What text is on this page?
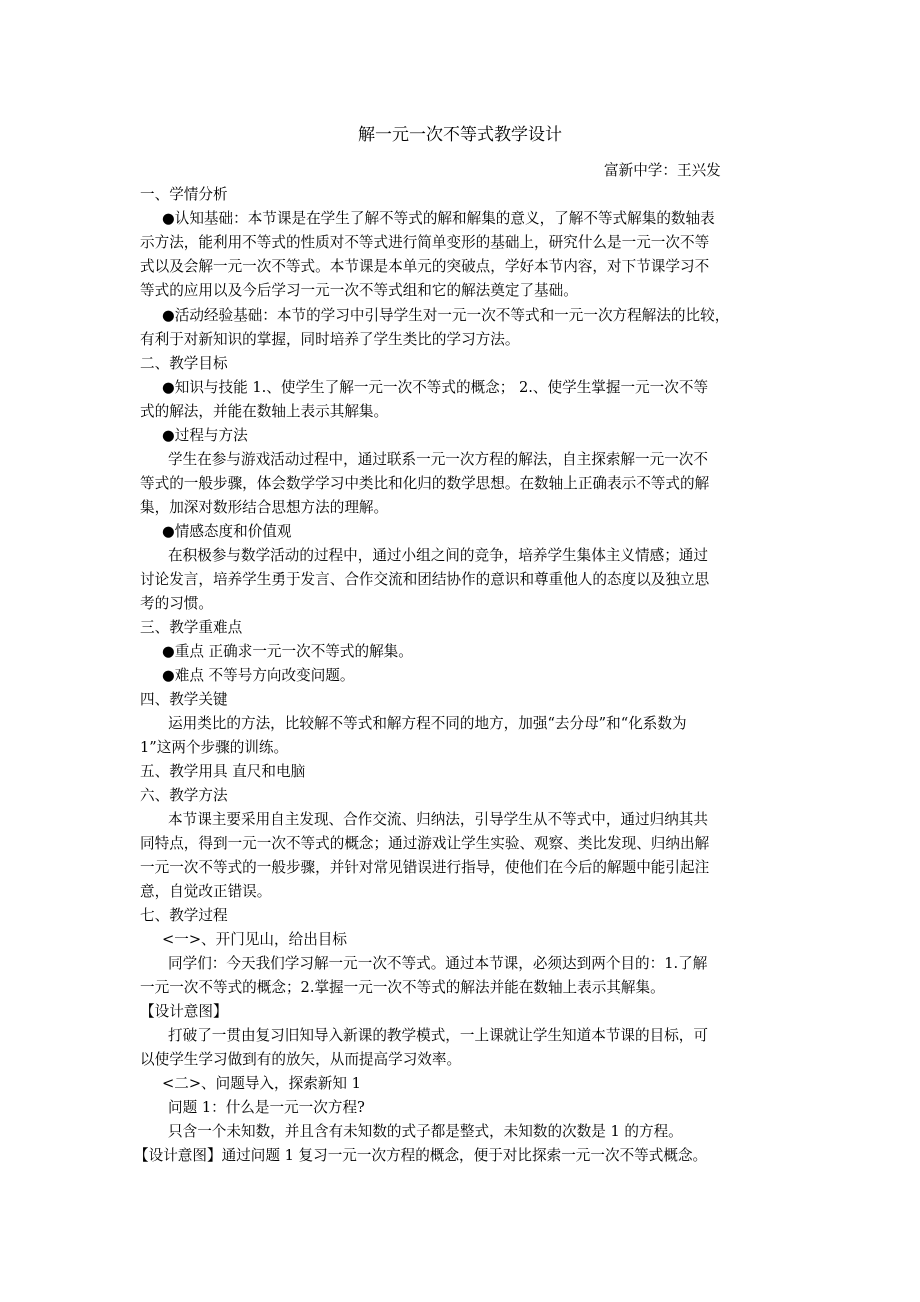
解一元一次不等式教学设计
富新中学：王兴发
一、学情分析
●认知基础：本节课是在学生了解不等式的解和解集的意义，了解不等式解集的数轴表
示方法，能利用不等式的性质对不等式进行简单变形的基础上，研究什么是一元一次不等
式以及会解一元一次不等式。本节课是本单元的突破点，学好本节内容，对下节课学习不
等式的应用以及今后学习一元一次不等式组和它的解法奠定了基础。
●活动经验基础：本节的学习中引导学生对一元一次不等式和一元一次方程解法的比较，
有利于对新知识的掌握，同时培养了学生类比的学习方法。
二、教学目标
●知识与技能 1.、使学生了解一元一次不等式的概念； 2.、使学生掌握一元一次不等
式的解法，并能在数轴上表示其解集。
●过程与方法
学生在参与游戏活动过程中，通过联系一元一次方程的解法，自主探索解一元一次不
等式的一般步骤，体会数学学习中类比和化归的数学思想。在数轴上正确表示不等式的解
集，加深对数形结合思想方法的理解。
●情感态度和价值观
在积极参与数学活动的过程中，通过小组之间的竞争，培养学生集体主义情感；通过
讨论发言，培养学生勇于发言、合作交流和团结协作的意识和尊重他人的态度以及独立思
考的习惯。
三、教学重难点
●重点 正确求一元一次不等式的解集。
●难点 不等号方向改变问题。
四、教学关键
运用类比的方法，比较解不等式和解方程不同的地方，加强“去分母”和“化系数为
1”这两个步骤的训练。
五、教学用具 直尺和电脑
六、教学方法
本节课主要采用自主发现、合作交流、归纳法，引导学生从不等式中，通过归纳其共
同特点，得到一元一次不等式的概念；通过游戏让学生实验、观察、类比发现、归纳出解
一元一次不等式的一般步骤，并针对常见错误进行指导，使他们在今后的解题中能引起注
意，自觉改正错误。
七、教学过程
<一>、开门见山，给出目标
同学们：今天我们学习解一元一次不等式。通过本节课，必须达到两个目的：1.了解
一元一次不等式的概念；2.掌握一元一次不等式的解法并能在数轴上表示其解集。
【设计意图】
打破了一贯由复习旧知导入新课的教学模式，一上课就让学生知道本节课的目标，可
以使学生学习做到有的放矢，从而提高学习效率。
<二>、问题导入，探索新知 1
问题 1：什么是一元一次方程?
只含一个未知数，并且含有未知数的式子都是整式，未知数的次数是 1 的方程。
【设计意图】通过问题 1 复习一元一次方程的概念，便于对比探索一元一次不等式概念。
